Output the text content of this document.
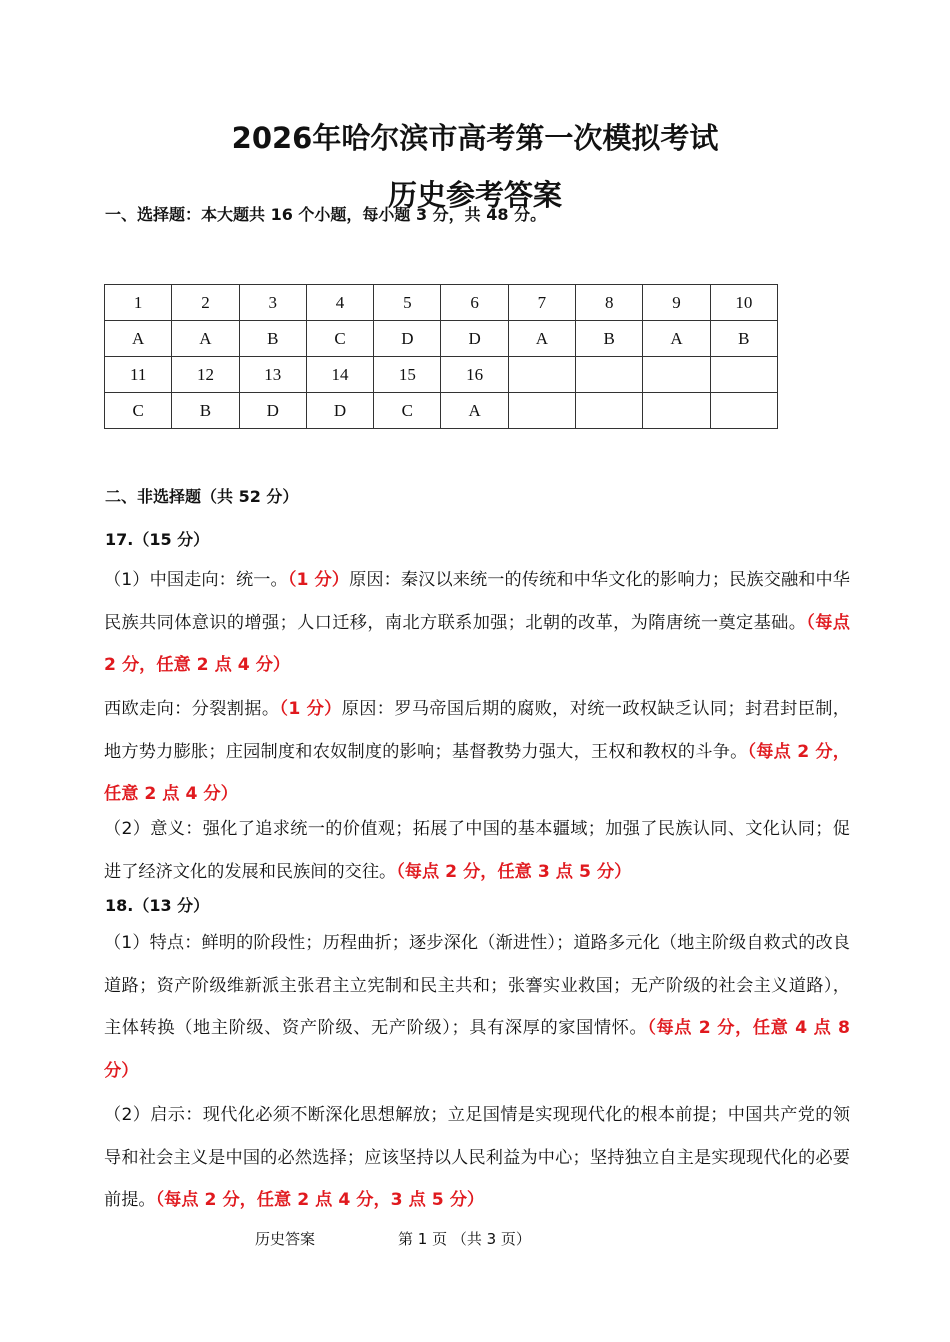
2026年哈尔滨市高考第一次模拟考试
历史参考答案
一、选择题：本大题共 16 个小题，每小题 3 分，共 48 分。
1	2	3	4	5	6	7	8	9	10
A	A	B	C	D	D	A	B	A	B
11	12	13	14	15	16				
C	B	D	D	C	A				
二、非选择题（共 52 分）
17.（15 分）
（1）中国走向：统一。（1 分）原因：秦汉以来统一的传统和中华文化的影响力；民族交融和中华民族共同体意识的增强；人口迁移，南北方联系加强；北朝的改革，为隋唐统一奠定基础。（每点 2 分，任意 2 点 4 分）
西欧走向：分裂割据。（1 分）原因：罗马帝国后期的腐败，对统一政权缺乏认同；封君封臣制，地方势力膨胀；庄园制度和农奴制度的影响；基督教势力强大，王权和教权的斗争。（每点 2 分，任意 2 点 4 分）
（2）意义：强化了追求统一的价值观；拓展了中国的基本疆域；加强了民族认同、文化认同；促进了经济文化的发展和民族间的交往。（每点 2 分，任意 3 点 5 分）
18.（13 分）
（1）特点：鲜明的阶段性；历程曲折；逐步深化（渐进性）；道路多元化（地主阶级自救式的改良道路；资产阶级维新派主张君主立宪制和民主共和；张謇实业救国；无产阶级的社会主义道路），主体转换（地主阶级、资产阶级、无产阶级）；具有深厚的家国情怀。（每点 2 分，任意 4 点 8 分）
（2）启示：现代化必须不断深化思想解放；立足国情是实现现代化的根本前提；中国共产党的领导和社会主义是中国的必然选择；应该坚持以人民利益为中心；坚持独立自主是实现现代化的必要前提。（每点 2 分，任意 2 点 4 分，3 点 5 分）
历史答案	第 1 页 （共 3 页）
